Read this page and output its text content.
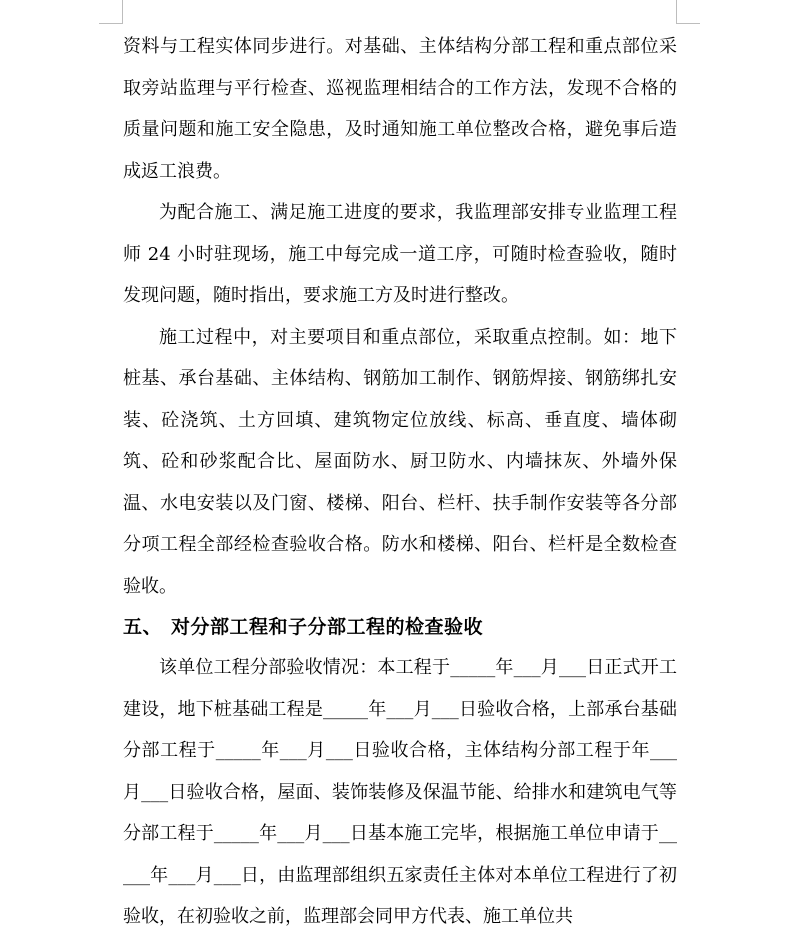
资料与工程实体同步进行。对基础、主体结构分部工程和重点部位采取旁站监理与平行检查、巡视监理相结合的工作方法，发现不合格的质量问题和施工安全隐患，及时通知施工单位整改合格，避免事后造成返工浪费。

为配合施工、满足施工进度的要求，我监理部安排专业监理工程师 24 小时驻现场，施工中每完成一道工序，可随时检查验收，随时发现问题，随时指出，要求施工方及时进行整改。

施工过程中，对主要项目和重点部位，采取重点控制。如：地下桩基、承台基础、主体结构、钢筋加工制作、钢筋焊接、钢筋绑扎安装、砼浇筑、土方回填、建筑物定位放线、标高、垂直度、墙体砌筑、砼和砂浆配合比、屋面防水、厨卫防水、内墙抹灰、外墙外保温、水电安装以及门窗、楼梯、阳台、栏杆、扶手制作安装等各分部分项工程全部经检查验收合格。防水和楼梯、阳台、栏杆是全数检查验收。

五、 对分部工程和子分部工程的检查验收

该单位工程分部验收情况：本工程于_____年___月___日正式开工建设，地下桩基础工程是_____年___月___日验收合格，上部承台基础分部工程于_____年___月___日验收合格，主体结构分部工程于年___月___日验收合格，屋面、装饰装修及保温节能、给排水和建筑电气等分部工程于_____年___月___日基本施工完毕，根据施工单位申请于_____年___月___日，由监理部组织五家责任主体对本单位工程进行了初验收，在初验收之前，监理部会同甲方代表、施工单位共
